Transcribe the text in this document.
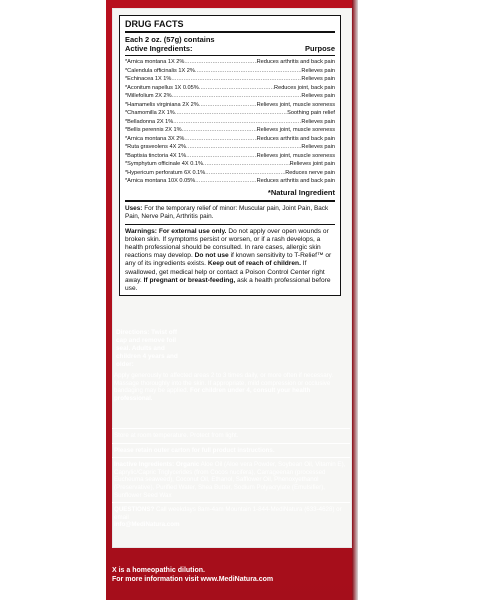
DRUG FACTS
Each 2 oz. (57g) contains
Active Ingredients:	Purpose
*Arnica montana 1X 2% .....	Reduces arthritis and back pain
*Calendula officinalis 1X 2% .....	Relieves pain
*Echinacea 1X 1% .....	Relieves pain
*Aconitum napellus 1X 0.05% .....	Reduces joint, back pain
*Millefolium 2X 2% .....	Relieves pain
*Hamamelis virginiana 2X 2% .....	Relieves joint, muscle soreness
*Chamomilla 2X 1% .....	Soothing pain relief
*Belladonna 2X 1% .....	Relieves pain
*Bellis perennis 2X 1% .....	Relieves joint, muscle soreness
*Arnica montana 3X 2% .....	Reduces arthritis and back pain
*Ruta graveolens 4X 2% .....	Relieves pain
*Baptisia tinctoria 4X 1% .....	Relieves joint, muscle soreness
*Symphytum officinale 4X 0.1% .....	Relieves joint pain
*Hypericum perforatum 6X 0.1% .....	Reduces nerve pain
*Arnica montana 10X 0.05% .....	Reduces arthritis and back pain
*Natural Ingredient
Uses: For the temporary relief of minor: Muscular pain, Joint Pain, Back Pain, Nerve Pain, Arthritis pain.
Warnings: For external use only. Do not apply over open wounds or broken skin. If symptoms persist or worsen, or if a rash develops, a health professional should be consulted. In rare cases, allergic skin reactions may develop. Do not use if known sensitivity to T-Relief™ or any of its ingredients exists. Keep out of reach of children. If swallowed, get medical help or contact a Poison Control Center right away. If pregnant or breast-feeding, ask a health professional before use.
Directions: Twist off cap and remove foil seal. Adults and children 4 years and older:
Apply generously to affected areas 2 to 3 times daily, or more often if necessary. Massage thoroughly into the skin. If appropriate, mild compression or occlusive bandaging may be applied. For children under 4, consult your health professional.
Store at room temperature. Protect from light.
Please retain outer carton for full product instructions.
Inactive Ingredients: Organic Aloe Oil (Aloe vera Powder, Soybean Oil, Vitamin E), Caprylic/Capric Triglycerides (from Cocos nucifera), Carrageenan (processed Eucheuma seaweed), Coconut Oil, Ethanol, Safflower Oil, Phenoxyethanol (Preservative), Purified Water, Shea Butter, Sodium Polyacrylate (Emulsifier), Sunflower Seed Wax
QUESTIONS? Call weekdays 8am-4am Mountain 1-844-MediNatura (633-4628) or email
info@MediNatura.com
X is a homeopathic dilution.
For more information visit www.MediNatura.com
